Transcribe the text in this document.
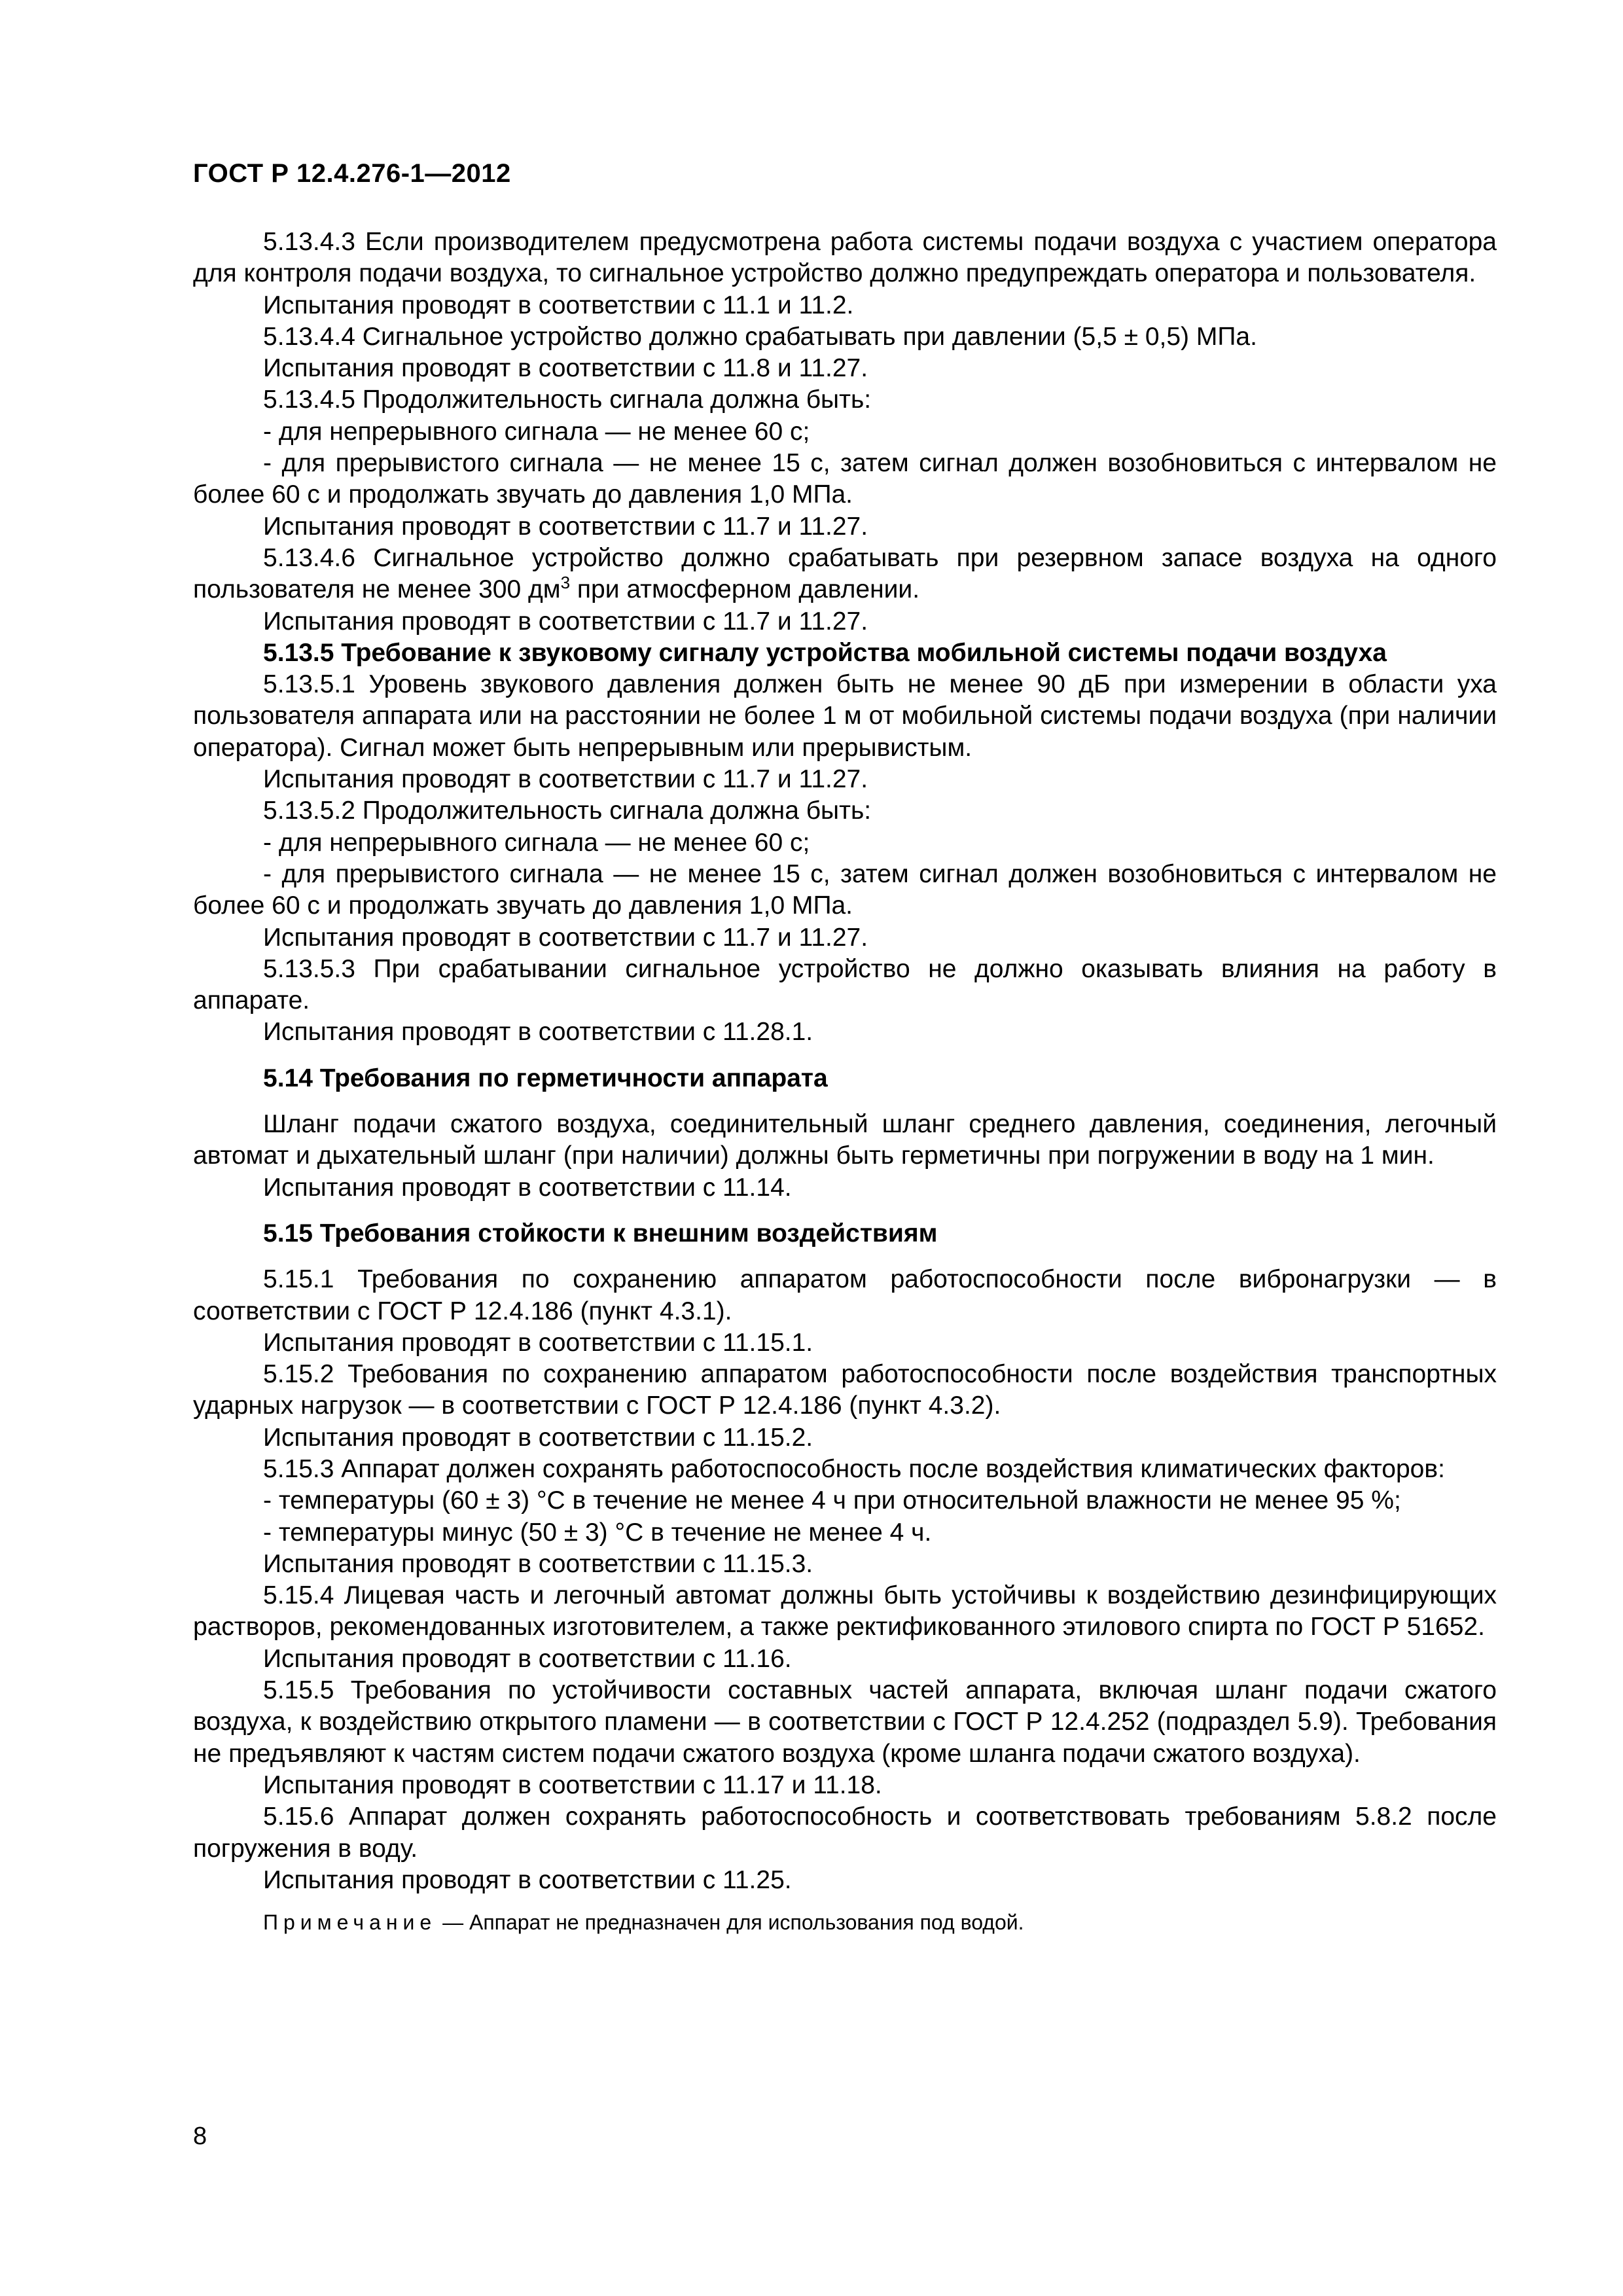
ГОСТ Р 12.4.276-1—2012

5.13.4.3 Если производителем предусмотрена работа системы подачи воздуха с участием оператора для контроля подачи воздуха, то сигнальное устройство должно предупреждать оператора и пользователя.

Испытания проводят в соответствии с 11.1 и 11.2.

5.13.4.4 Сигнальное устройство должно срабатывать при давлении (5,5 ± 0,5) МПа.

Испытания проводят в соответствии с 11.8 и 11.27.

5.13.4.5 Продолжительность сигнала должна быть:

- для непрерывного сигнала — не менее 60 с;

- для прерывистого сигнала — не менее 15 с, затем сигнал должен возобновиться с интервалом не более 60 с и продолжать звучать до давления 1,0 МПа.

Испытания проводят в соответствии с 11.7 и 11.27.

5.13.4.6 Сигнальное устройство должно срабатывать при резервном запасе воздуха на одного пользователя не менее 300 $дм^3$ при атмосферном давлении.

Испытания проводят в соответствии с 11.7 и 11.27.

5.13.5 Требование к звуковому сигналу устройства мобильной системы подачи воздуха

5.13.5.1 Уровень звукового давления должен быть не менее 90 дБ при измерении в области уха пользователя аппарата или на расстоянии не более 1 м от мобильной системы подачи воздуха (при наличии оператора). Сигнал может быть непрерывным или прерывистым.

Испытания проводят в соответствии с 11.7 и 11.27.

5.13.5.2 Продолжительность сигнала должна быть:

- для непрерывного сигнала — не менее 60 с;

- для прерывистого сигнала — не менее 15 с, затем сигнал должен возобновиться с интервалом не более 60 с и продолжать звучать до давления 1,0 МПа.

Испытания проводят в соответствии с 11.7 и 11.27.

5.13.5.3 При срабатывании сигнальное устройство не должно оказывать влияния на работу в аппарате.

Испытания проводят в соответствии с 11.28.1.

5.14 Требования по герметичности аппарата

Шланг подачи сжатого воздуха, соединительный шланг среднего давления, соединения, легочный автомат и дыхательный шланг (при наличии) должны быть герметичны при погружении в воду на 1 мин.

Испытания проводят в соответствии с 11.14.

5.15 Требования стойкости к внешним воздействиям

5.15.1 Требования по сохранению аппаратом работоспособности после вибронагрузки — в соответствии с ГОСТ Р 12.4.186 (пункт 4.3.1).

Испытания проводят в соответствии с 11.15.1.

5.15.2 Требования по сохранению аппаратом работоспособности после воздействия транспортных ударных нагрузок — в соответствии с ГОСТ Р 12.4.186 (пункт 4.3.2).

Испытания проводят в соответствии с 11.15.2.

5.15.3 Аппарат должен сохранять работоспособность после воздействия климатических факторов:

- температуры (60 ± 3) °С в течение не менее 4 ч при относительной влажности не менее 95 %;

- температуры минус (50 ± 3) °С в течение не менее 4 ч.

Испытания проводят в соответствии с 11.15.3.

5.15.4 Лицевая часть и легочный автомат должны быть устойчивы к воздействию дезинфицирующих растворов, рекомендованных изготовителем, а также ректификованного этилового спирта по ГОСТ Р 51652.

Испытания проводят в соответствии с 11.16.

5.15.5 Требования по устойчивости составных частей аппарата, включая шланг подачи сжатого воздуха, к воздействию открытого пламени — в соответствии с ГОСТ Р 12.4.252 (подраздел 5.9). Требования не предъявляют к частям систем подачи сжатого воздуха (кроме шланга подачи сжатого воздуха).

Испытания проводят в соответствии с 11.17 и 11.18.

5.15.6 Аппарат должен сохранять работоспособность и соответствовать требованиям 5.8.2 после погружения в воду.

Испытания проводят в соответствии с 11.25.

Примечание — Аппарат не предназначен для использования под водой.

8
